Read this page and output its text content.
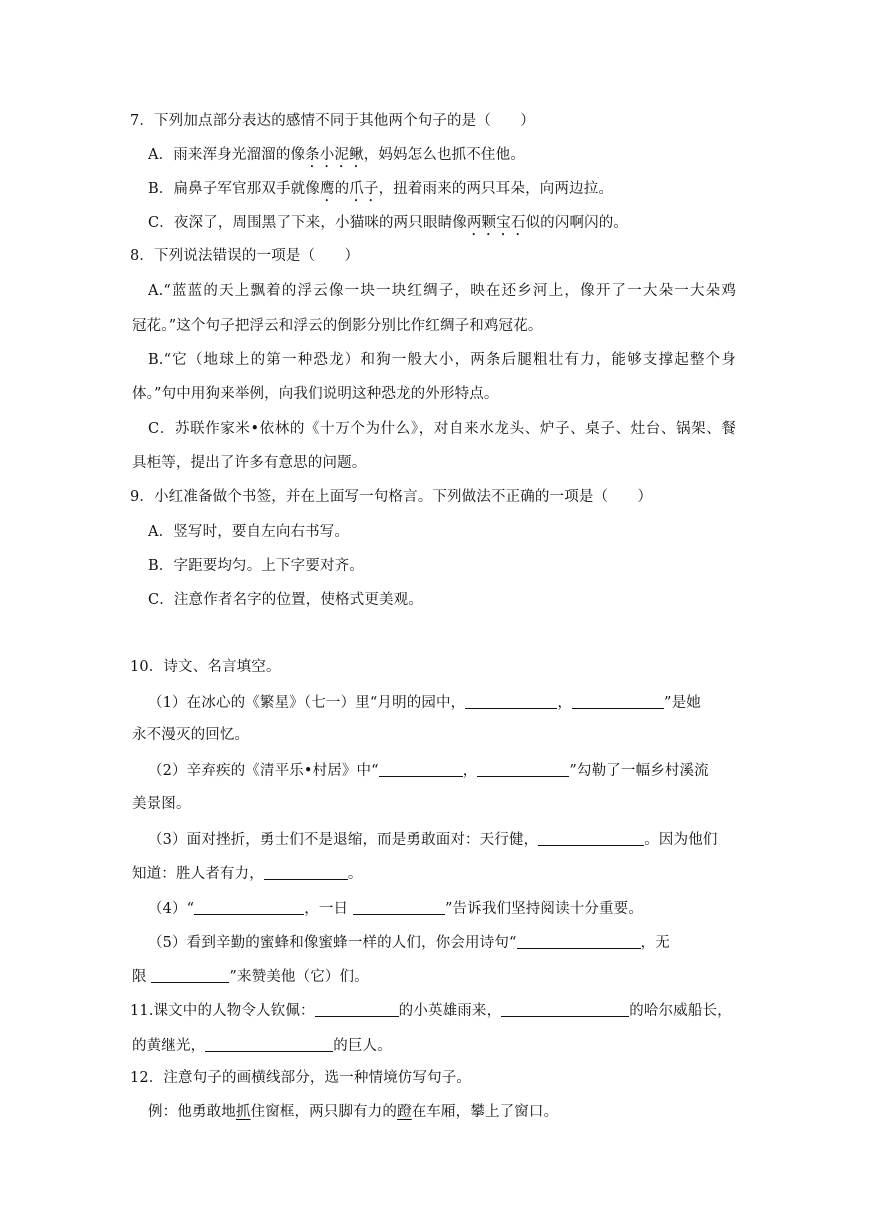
7．下列加点部分表达的感情不同于其他两个句子的是（　　）
A．雨来浑身光溜溜的像条小泥鳅，妈妈怎么也抓不住他。
B．扁鼻子军官那双手就像鹰的爪子，扭着雨来的两只耳朵，向两边拉。
C．夜深了，周围黑了下来，小猫咪的两只眼睛像两颗宝石似的闪啊闪的。
8．下列说法错误的一项是（　　）
A.“蓝蓝的天上飘着的浮云像一块一块红绸子，映在还乡河上，像开了一大朵一大朵鸡
冠花。”这个句子把浮云和浮云的倒影分别比作红绸子和鸡冠花。
B.“它（地球上的第一种恐龙）和狗一般大小，两条后腿粗壮有力，能够支撑起整个身
体。”句中用狗来举例，向我们说明这种恐龙的外形特点。
C．苏联作家米•依林的《十万个为什么》，对自来水龙头、炉子、桌子、灶台、锅架、餐
具柜等，提出了许多有意思的问题。
9．小红准备做个书签，并在上面写一句格言。下列做法不正确的一项是（　　）
A．竖写时，要自左向右书写。
B．字距要均匀。上下字要对齐。
C．注意作者名字的位置，使格式更美观。
10．诗文、名言填空。
（1）在冰心的《繁星》（七一）里“月明的园中，	，	”是她
永不漫灭的回忆。
（2）辛弃疾的《清平乐•村居》中“	，	”勾勒了一幅乡村溪流
美景图。
（3）面对挫折，勇士们不是退缩，而是勇敢面对：天行健，	。因为他们
知道：胜人者有力，	。
（4）“	，一日	”告诉我们坚持阅读十分重要。
（5）看到辛勤的蜜蜂和像蜜蜂一样的人们，你会用诗句“	，无
限	”来赞美他（它）们。
11.课文中的人物令人钦佩：	的小英雄雨来，	的哈尔威船长，
的黄继光，	的巨人。
12．注意句子的画横线部分，选一种情境仿写句子。
例：他勇敢地抓住窗框，两只脚有力的蹬在车厢，攀上了窗口。
